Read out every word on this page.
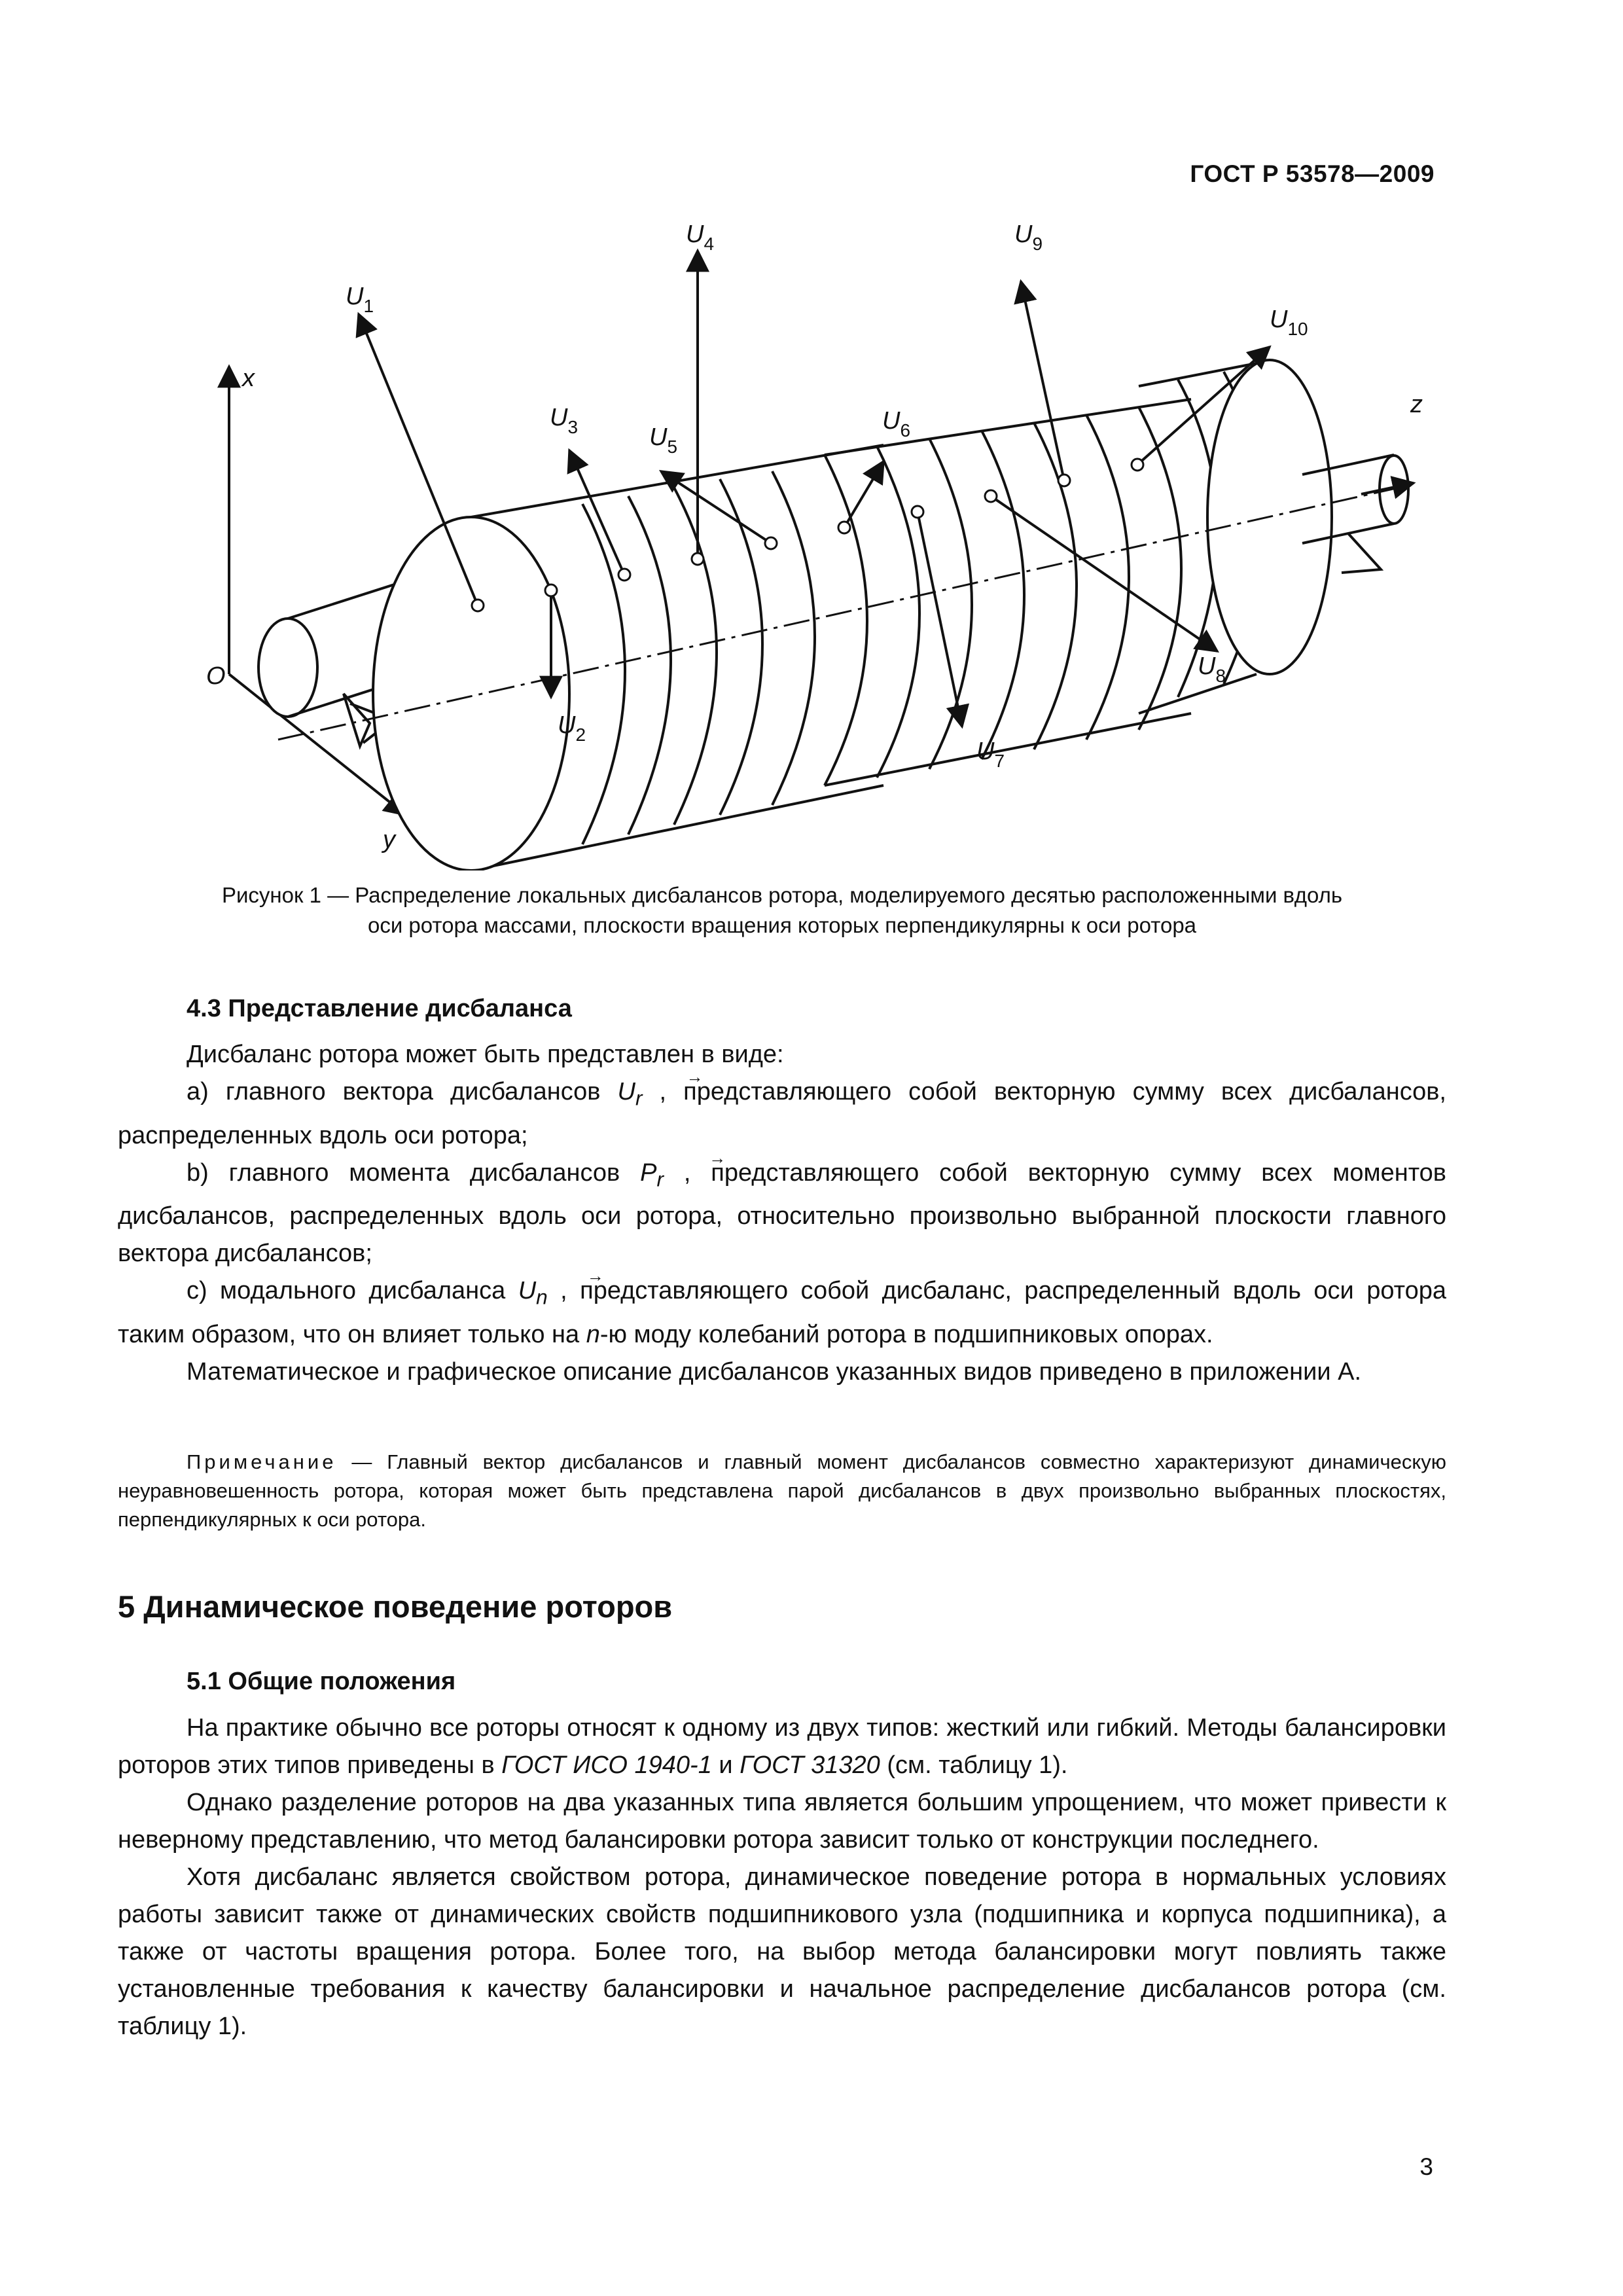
ГОСТ Р 53578—2009
x
y
z
O
$U_1$
$U_2$
$U_3$
$U_4$
$U_5$
$U_6$
$U_7$
$U_8$
$U_9$
$U_{10}$
Рисунок 1 — Распределение локальных дисбалансов ротора, моделируемого десятью расположенными вдоль
оси ротора массами, плоскости вращения которых перпендикулярны к оси ротора
4.3 Представление дисбаланса

Дисбаланс ротора может быть представлен в виде:

a) главного вектора дисбалансов → $U_r$ , представляющего собой векторную сумму всех дисбалансов, распределенных вдоль оси ротора;

b) главного момента дисбалансов → $P_r$ , представляющего собой векторную сумму всех моментов дисбалансов, распределенных вдоль оси ротора, относительно произвольно выбранной плоскости главного вектора дисбалансов;

c) модального дисбаланса → $U_n$ , представляющего собой дисбаланс, распределенный вдоль оси ротора таким образом, что он влияет только на n-ю моду колебаний ротора в подшипниковых опорах.

Математическое и графическое описание дисбалансов указанных видов приведено в приложении А.

Примечание — Главный вектор дисбалансов и главный момент дисбалансов совместно характеризуют динамическую неуравновешенность ротора, которая может быть представлена парой дисбалансов в двух произвольно выбранных плоскостях, перпендикулярных к оси ротора.

5 Динамическое поведение роторов
5.1 Общие положения

На практике обычно все роторы относят к одному из двух типов: жесткий или гибкий. Методы балансировки роторов этих типов приведены в ГОСТ ИСО 1940-1 и ГОСТ 31320 (см. таблицу 1).

Однако разделение роторов на два указанных типа является большим упрощением, что может привести к неверному представлению, что метод балансировки ротора зависит только от конструкции последнего.

Хотя дисбаланс является свойством ротора, динамическое поведение ротора в нормальных условиях работы зависит также от динамических свойств подшипникового узла (подшипника и корпуса подшипника), а также от частоты вращения ротора. Более того, на выбор метода балансировки могут повлиять также установленные требования к качеству балансировки и начальное распределение дисбалансов ротора (см. таблицу 1).

3
